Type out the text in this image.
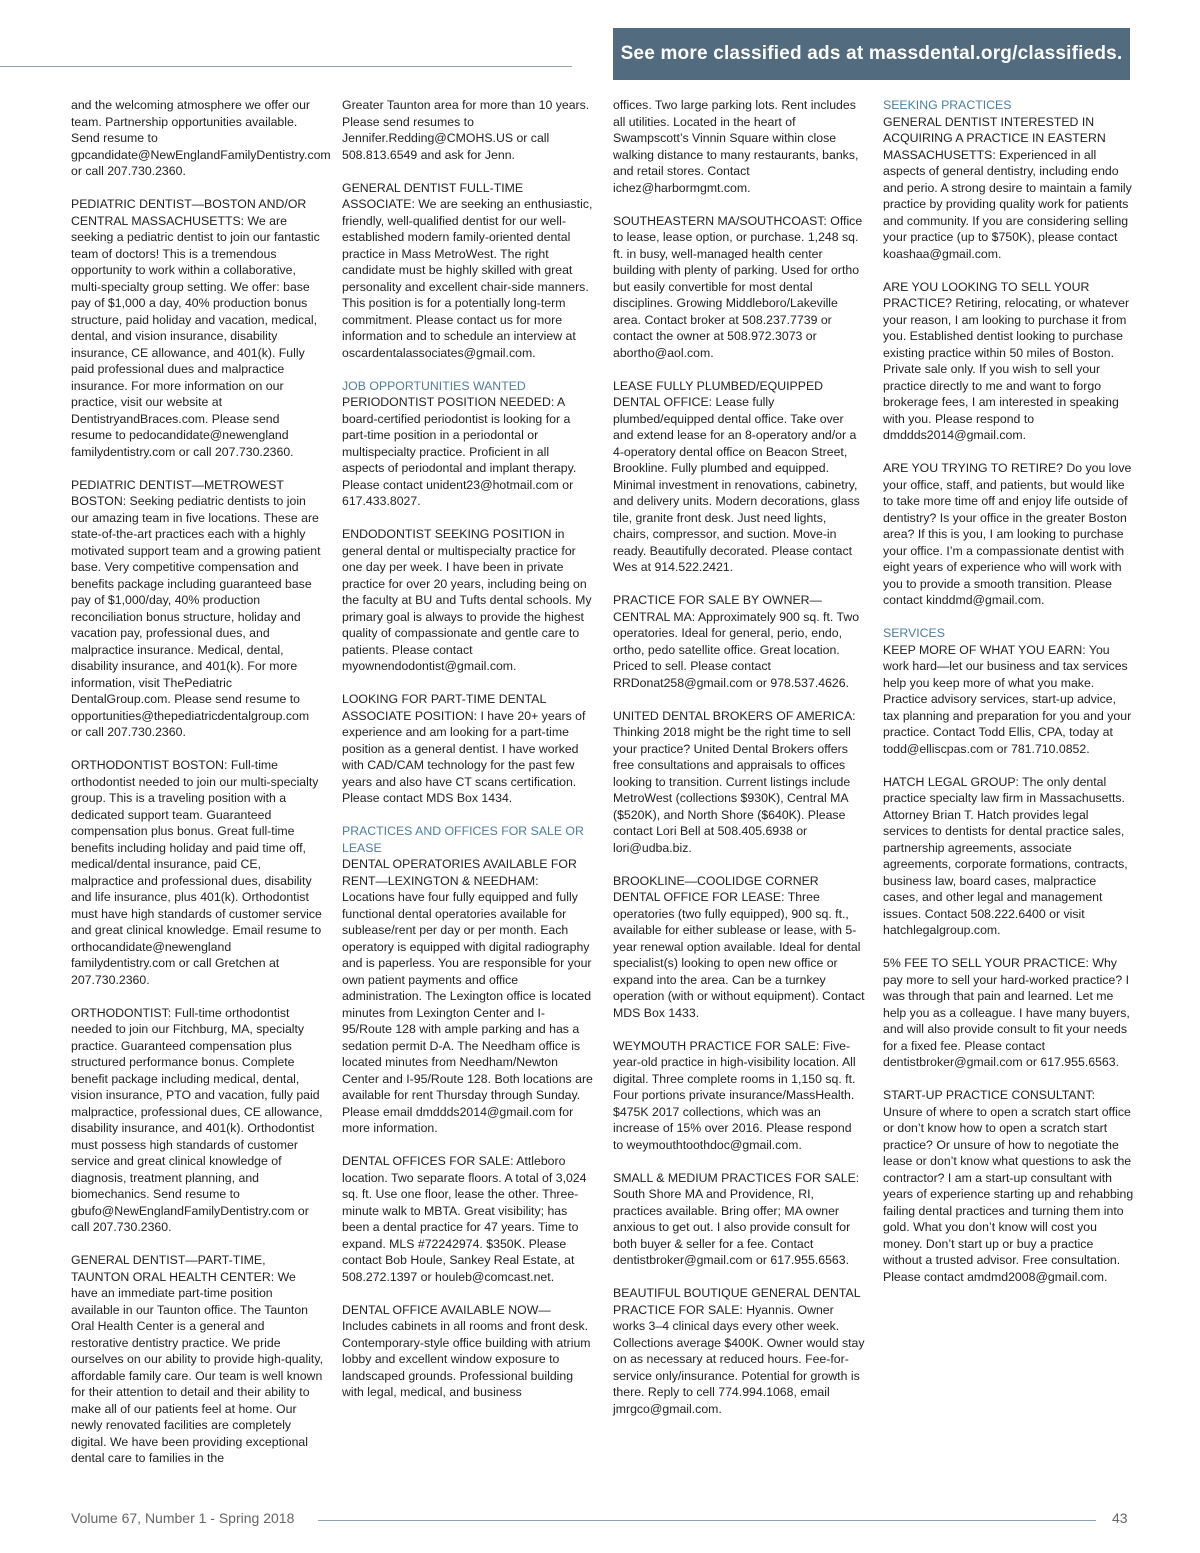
See more classified ads at massdental.org/classifieds.

and the welcoming atmosphere we offer our team. Partnership opportunities available. Send resume to gpcandidate@NewEnglandFamilyDentistry.com or call 207.730.2360.

PEDIATRIC DENTIST—BOSTON AND/OR CENTRAL MASSACHUSETTS: We are seeking a pediatric dentist to join our fantastic team of doctors! This is a tremendous opportunity to work within a collaborative, multi-specialty group setting. We offer: base pay of $1,000 a day, 40% production bonus structure, paid holiday and vacation, medical, dental, and vision insurance, disability insurance, CE allowance, and 401(k). Fully paid professional dues and malpractice insurance. For more information on our practice, visit our website at DentistryandBraces.com. Please send resume to pedocandidate@newengland familydentistry.com or call 207.730.2360.

PEDIATRIC DENTIST—METROWEST BOSTON: Seeking pediatric dentists to join our amazing team in five locations. These are state-of-the-art practices each with a highly motivated support team and a growing patient base. Very competitive compensation and benefits package including guaranteed base pay of $1,000/day, 40% production reconciliation bonus structure, holiday and vacation pay, professional dues, and malpractice insurance. Medical, dental, disability insurance, and 401(k). For more information, visit ThePediatric DentalGroup.com. Please send resume to opportunities@thepediatricdentalgroup.com or call 207.730.2360.

ORTHODONTIST BOSTON: Full-time orthodontist needed to join our multi-specialty group. This is a traveling position with a dedicated support team. Guaranteed compensation plus bonus. Great full-time benefits including holiday and paid time off, medical/dental insurance, paid CE, malpractice and professional dues, disability and life insurance, plus 401(k). Orthodontist must have high standards of customer service and great clinical knowledge. Email resume to orthocandidate@newengland familydentistry.com or call Gretchen at 207.730.2360.

ORTHODONTIST: Full-time orthodontist needed to join our Fitchburg, MA, specialty practice. Guaranteed compensation plus structured performance bonus. Complete benefit package including medical, dental, vision insurance, PTO and vacation, fully paid malpractice, professional dues, CE allowance, disability insurance, and 401(k). Orthodontist must possess high standards of customer service and great clinical knowledge of diagnosis, treatment planning, and biomechanics. Send resume to gbufo@NewEnglandFamilyDentistry.com or call 207.730.2360.

GENERAL DENTIST—PART-TIME, TAUNTON ORAL HEALTH CENTER: We have an immediate part-time position available in our Taunton office. The Taunton Oral Health Center is a general and restorative dentistry practice. We pride ourselves on our ability to provide high-quality, affordable family care. Our team is well known for their attention to detail and their ability to make all of our patients feel at home. Our newly renovated facilities are completely digital. We have been providing exceptional dental care to families in the

Greater Taunton area for more than 10 years. Please send resumes to Jennifer.Redding@CMOHS.US or call 508.813.6549 and ask for Jenn.

GENERAL DENTIST FULL-TIME ASSOCIATE: We are seeking an enthusiastic, friendly, well-qualified dentist for our well-established modern family-oriented dental practice in Mass MetroWest. The right candidate must be highly skilled with great personality and excellent chair-side manners. This position is for a potentially long-term commitment. Please contact us for more information and to schedule an interview at oscardentalassociates@gmail.com.

JOB OPPORTUNITIES WANTED

PERIODONTIST POSITION NEEDED: A board-certified periodontist is looking for a part-time position in a periodontal or multispecialty practice. Proficient in all aspects of periodontal and implant therapy. Please contact unident23@hotmail.com or 617.433.8027.

ENDODONTIST SEEKING POSITION in general dental or multispecialty practice for one day per week. I have been in private practice for over 20 years, including being on the faculty at BU and Tufts dental schools. My primary goal is always to provide the highest quality of compassionate and gentle care to patients. Please contact myownendodontist@gmail.com.

LOOKING FOR PART-TIME DENTAL ASSOCIATE POSITION: I have 20+ years of experience and am looking for a part-time position as a general dentist. I have worked with CAD/CAM technology for the past few years and also have CT scans certification. Please contact MDS Box 1434.

PRACTICES AND OFFICES FOR SALE OR LEASE

DENTAL OPERATORIES AVAILABLE FOR RENT—LEXINGTON & NEEDHAM: Locations have four fully equipped and fully functional dental operatories available for sublease/rent per day or per month. Each operatory is equipped with digital radiography and is paperless. You are responsible for your own patient payments and office administration. The Lexington office is located minutes from Lexington Center and I-95/Route 128 with ample parking and has a sedation permit D-A. The Needham office is located minutes from Needham/Newton Center and I-95/Route 128. Both locations are available for rent Thursday through Sunday. Please email dmddds2014@gmail.com for more information.

DENTAL OFFICES FOR SALE: Attleboro location. Two separate floors. A total of 3,024 sq. ft. Use one floor, lease the other. Three-minute walk to MBTA. Great visibility; has been a dental practice for 47 years. Time to expand. MLS #72242974. $350K. Please contact Bob Houle, Sankey Real Estate, at 508.272.1397 or houleb@comcast.net.

DENTAL OFFICE AVAILABLE NOW—Includes cabinets in all rooms and front desk. Contemporary-style office building with atrium lobby and excellent window exposure to landscaped grounds. Professional building with legal, medical, and business

offices. Two large parking lots. Rent includes all utilities. Located in the heart of Swampscott’s Vinnin Square within close walking distance to many restaurants, banks, and retail stores. Contact ichez@harbormgmt.com.

SOUTHEASTERN MA/SOUTHCOAST: Office to lease, lease option, or purchase. 1,248 sq. ft. in busy, well-managed health center building with plenty of parking. Used for ortho but easily convertible for most dental disciplines. Growing Middleboro/Lakeville area. Contact broker at 508.237.7739 or contact the owner at 508.972.3073 or abortho@aol.com.

LEASE FULLY PLUMBED/EQUIPPED DENTAL OFFICE: Lease fully plumbed/equipped dental office. Take over and extend lease for an 8-operatory and/or a 4-operatory dental office on Beacon Street, Brookline. Fully plumbed and equipped. Minimal investment in renovations, cabinetry, and delivery units. Modern decorations, glass tile, granite front desk. Just need lights, chairs, compressor, and suction. Move-in ready. Beautifully decorated. Please contact Wes at 914.522.2421.

PRACTICE FOR SALE BY OWNER—CENTRAL MA: Approximately 900 sq. ft. Two operatories. Ideal for general, perio, endo, ortho, pedo satellite office. Great location. Priced to sell. Please contact RRDonat258@gmail.com or 978.537.4626.

UNITED DENTAL BROKERS OF AMERICA: Thinking 2018 might be the right time to sell your practice? United Dental Brokers offers free consultations and appraisals to offices looking to transition. Current listings include MetroWest (collections $930K), Central MA ($520K), and North Shore ($640K). Please contact Lori Bell at 508.405.6938 or lori@udba.biz.

BROOKLINE—COOLIDGE CORNER DENTAL OFFICE FOR LEASE: Three operatories (two fully equipped), 900 sq. ft., available for either sublease or lease, with 5-year renewal option available. Ideal for dental specialist(s) looking to open new office or expand into the area. Can be a turnkey operation (with or without equipment). Contact MDS Box 1433.

WEYMOUTH PRACTICE FOR SALE: Five-year-old practice in high-visibility location. All digital. Three complete rooms in 1,150 sq. ft. Four portions private insurance/MassHealth. $475K 2017 collections, which was an increase of 15% over 2016. Please respond to weymouthtoothdoc@gmail.com.

SMALL & MEDIUM PRACTICES FOR SALE: South Shore MA and Providence, RI, practices available. Bring offer; MA owner anxious to get out. I also provide consult for both buyer & seller for a fee. Contact dentistbroker@gmail.com or 617.955.6563.

BEAUTIFUL BOUTIQUE GENERAL DENTAL PRACTICE FOR SALE: Hyannis. Owner works 3–4 clinical days every other week. Collections average $400K. Owner would stay on as necessary at reduced hours. Fee-for-service only/insurance. Potential for growth is there. Reply to cell 774.994.1068, email jmrgco@gmail.com.

SEEKING PRACTICES

GENERAL DENTIST INTERESTED IN ACQUIRING A PRACTICE IN EASTERN MASSACHUSETTS: Experienced in all aspects of general dentistry, including endo and perio. A strong desire to maintain a family practice by providing quality work for patients and community. If you are considering selling your practice (up to $750K), please contact koashaa@gmail.com.

ARE YOU LOOKING TO SELL YOUR PRACTICE? Retiring, relocating, or whatever your reason, I am looking to purchase it from you. Established dentist looking to purchase existing practice within 50 miles of Boston. Private sale only. If you wish to sell your practice directly to me and want to forgo brokerage fees, I am interested in speaking with you. Please respond to dmddds2014@gmail.com.

ARE YOU TRYING TO RETIRE? Do you love your office, staff, and patients, but would like to take more time off and enjoy life outside of dentistry? Is your office in the greater Boston area? If this is you, I am looking to purchase your office. I’m a compassionate dentist with eight years of experience who will work with you to provide a smooth transition. Please contact kinddmd@gmail.com.

SERVICES

KEEP MORE OF WHAT YOU EARN: You work hard—let our business and tax services help you keep more of what you make. Practice advisory services, start-up advice, tax planning and preparation for you and your practice. Contact Todd Ellis, CPA, today at todd@elliscpas.com or 781.710.0852.

HATCH LEGAL GROUP: The only dental practice specialty law firm in Massachusetts. Attorney Brian T. Hatch provides legal services to dentists for dental practice sales, partnership agreements, associate agreements, corporate formations, contracts, business law, board cases, malpractice cases, and other legal and management issues. Contact 508.222.6400 or visit hatchlegalgroup.com.

5% FEE TO SELL YOUR PRACTICE: Why pay more to sell your hard-worked practice? I was through that pain and learned. Let me help you as a colleague. I have many buyers, and will also provide consult to fit your needs for a fixed fee. Please contact dentistbroker@gmail.com or 617.955.6563.

START-UP PRACTICE CONSULTANT: Unsure of where to open a scratch start office or don’t know how to open a scratch start practice? Or unsure of how to negotiate the lease or don’t know what questions to ask the contractor? I am a start-up consultant with years of experience starting up and rehabbing failing dental practices and turning them into gold. What you don’t know will cost you money. Don’t start up or buy a practice without a trusted advisor. Free consultation. Please contact amdmd2008@gmail.com.

Volume 67, Number 1 - Spring 2018	43
